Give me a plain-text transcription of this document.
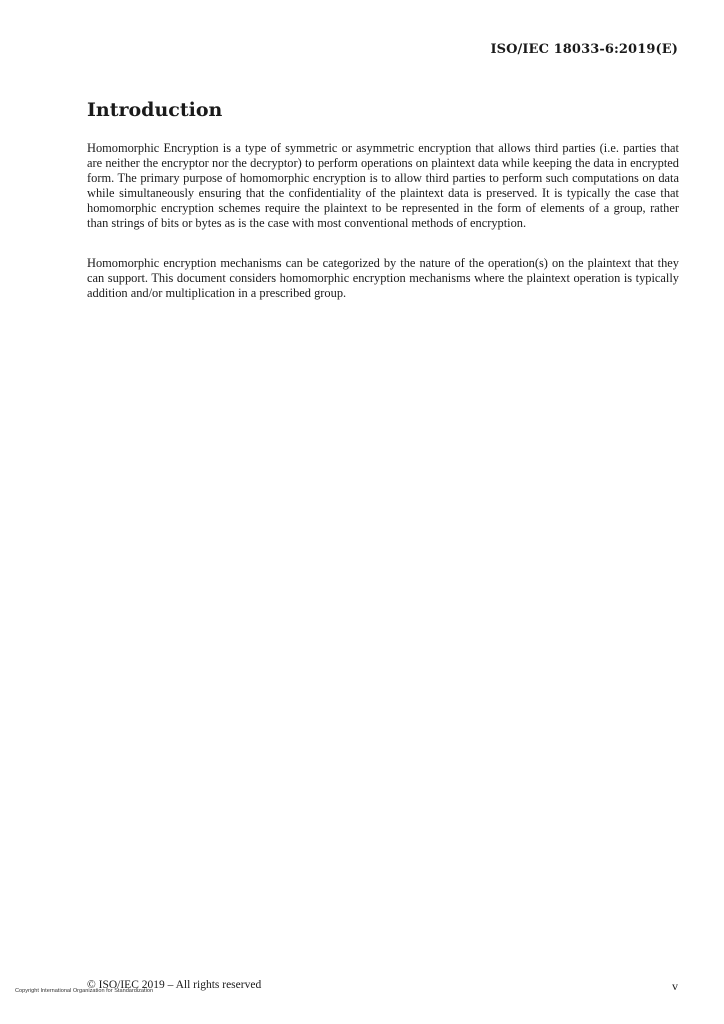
ISO/IEC 18033-6:2019(E)
Introduction

Homomorphic Encryption is a type of symmetric or asymmetric encryption that allows third parties (i.e. parties that are neither the encryptor nor the decryptor) to perform operations on plaintext data while keeping the data in encrypted form. The primary purpose of homomorphic encryption is to allow third parties to perform such computations on data while simultaneously ensuring that the confidentiality of the plaintext data is preserved. It is typically the case that homomorphic encryption schemes require the plaintext to be represented in the form of elements of a group, rather than strings of bits or bytes as is the case with most conventional methods of encryption.

Homomorphic encryption mechanisms can be categorized by the nature of the operation(s) on the plaintext that they can support. This document considers homomorphic encryption mechanisms where the plaintext operation is typically addition and/or multiplication in a prescribed group.

Copyright International Organization for Standardization
© ISO/IEC 2019 – All rights reserved	v
